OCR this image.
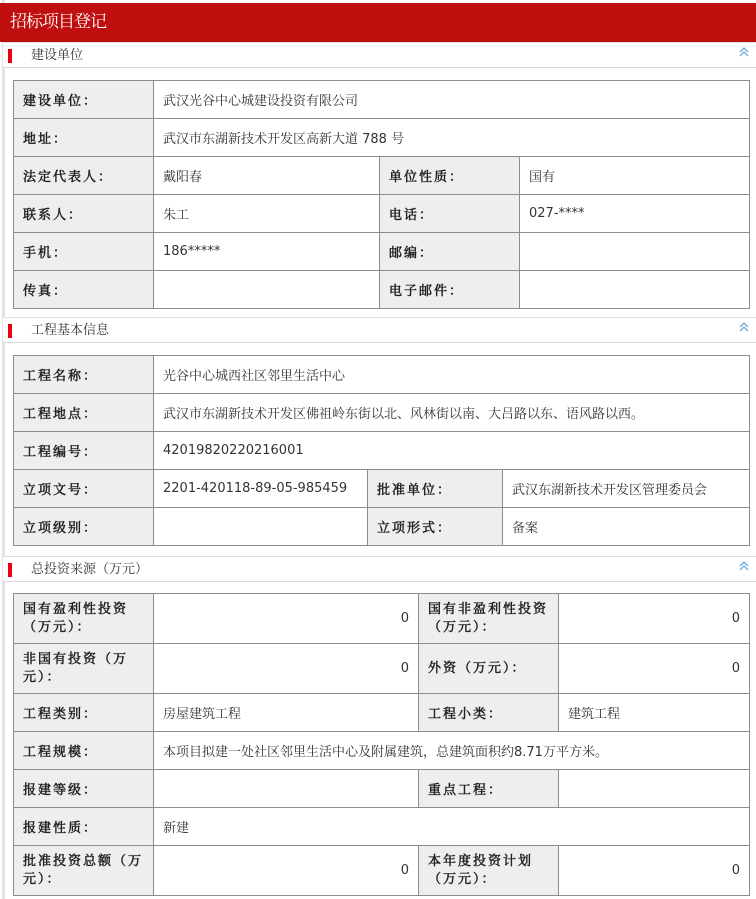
招标项目登记
建设单位
建设单位：	武汉光谷中心城建设投资有限公司		
地址：	武汉市东湖新技术开发区高新大道 788 号		
法定代表人：	戴阳春	单位性质：	国有
联系人：	朱工	电话：	027-****
手机：	186*****	邮编：	
传真：		电子邮件：	
工程基本信息
工程名称：	光谷中心城西社区邻里生活中心		
工程地点：	武汉市东湖新技术开发区佛祖岭东街以北、风林街以南、大吕路以东、语风路以西。		
工程编号：	42019820220216001		
立项文号：	2201-420118-89-05-985459	批准单位：	武汉东湖新技术开发区管理委员会
立项级别：		立项形式：	备案
总投资来源（万元）
国有盈利性投资（万元）：	0	国有非盈利性投资（万元）：	0
非国有投资（万元）：	0	外资（万元）：	0
工程类别：	房屋建筑工程	工程小类：	建筑工程
工程规模：	本项目拟建一处社区邻里生活中心及附属建筑，总建筑面积约8.71万平方米。		
报建等级：		重点工程：	
报建性质：	新建		
批准投资总额（万元）：	0	本年度投资计划（万元）：	0
